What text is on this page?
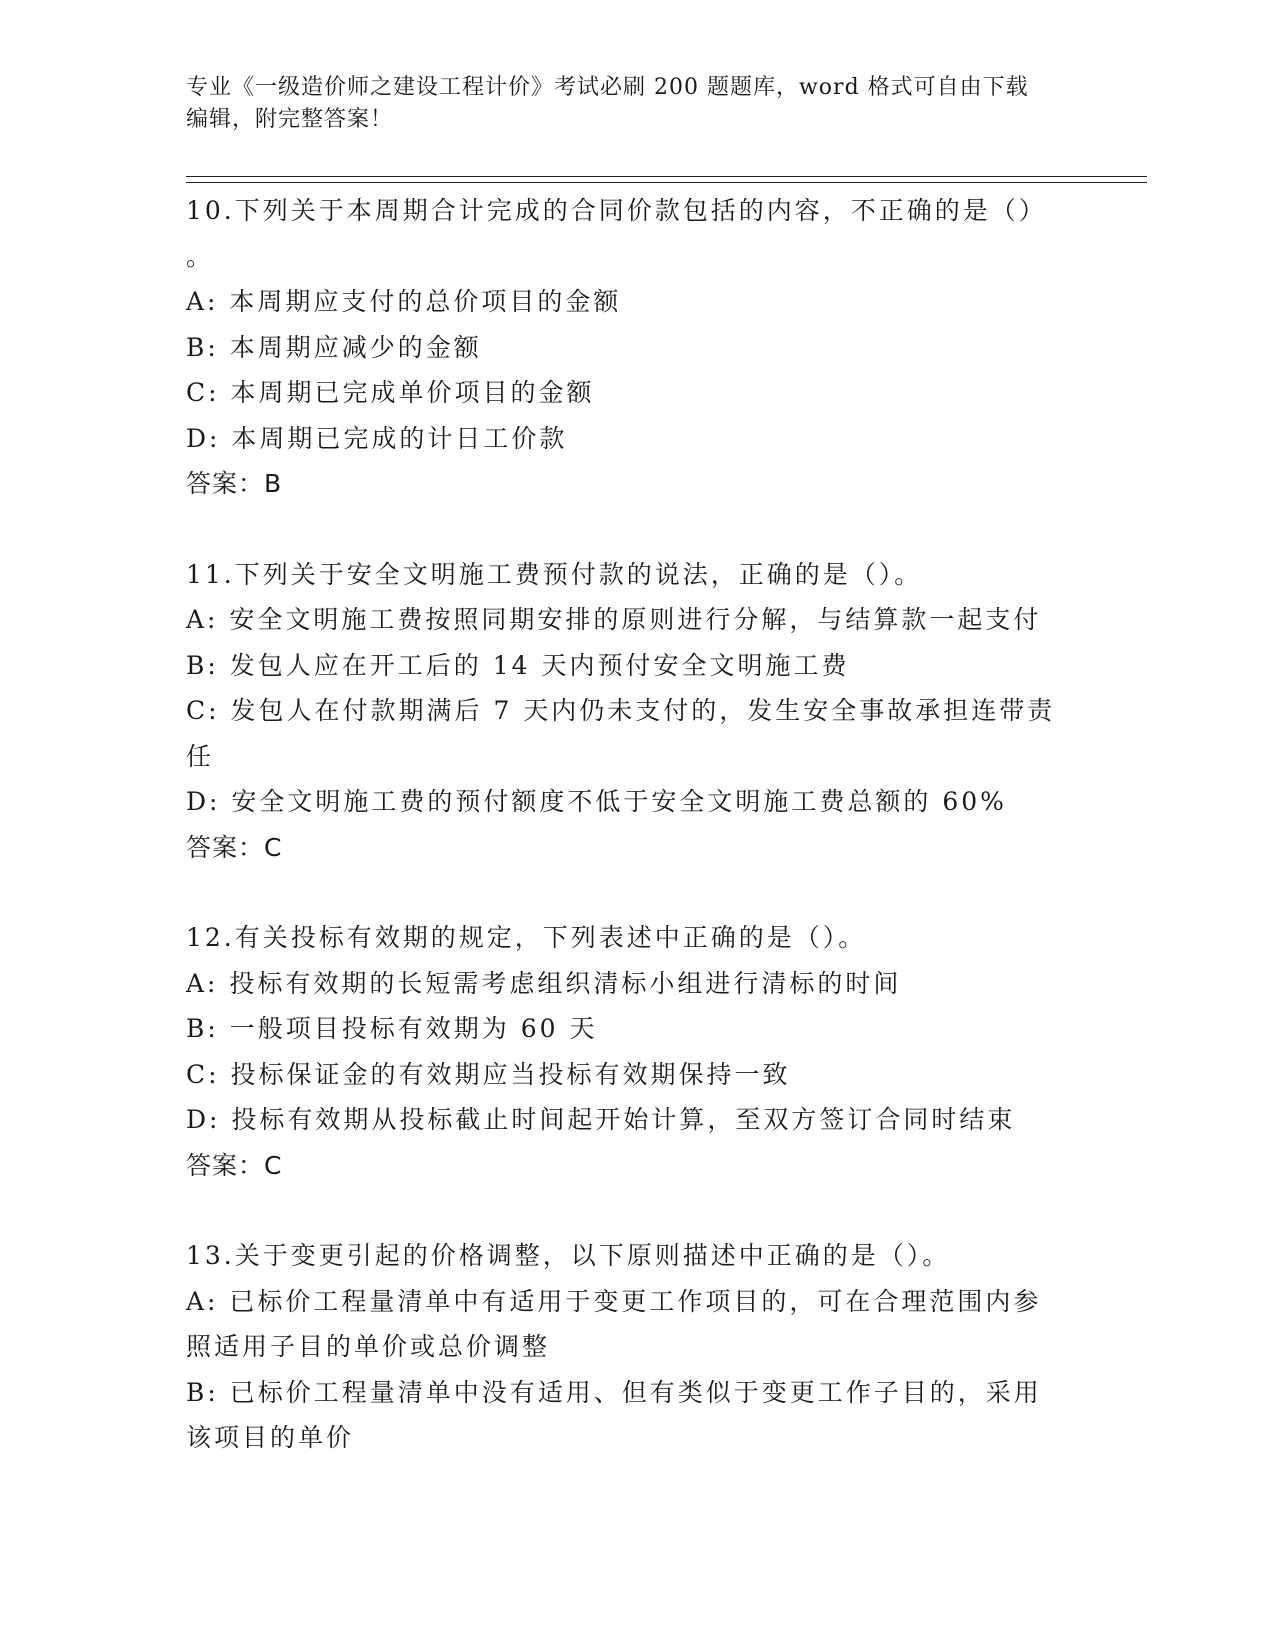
专业《一级造价师之建设工程计价》考试必刷 200 题题库，word 格式可自由下载
编辑，附完整答案！
10.下列关于本周期合计完成的合同价款包括的内容，不正确的是（）
。
A: 本周期应支付的总价项目的金额
B: 本周期应减少的金额
C: 本周期已完成单价项目的金额
D: 本周期已完成的计日工价款
答案：B
11.下列关于安全文明施工费预付款的说法，正确的是（）。
A: 安全文明施工费按照同期安排的原则进行分解，与结算款一起支付
B: 发包人应在开工后的 14 天内预付安全文明施工费
C: 发包人在付款期满后 7 天内仍未支付的，发生安全事故承担连带责
任
D: 安全文明施工费的预付额度不低于安全文明施工费总额的 60%
答案：C
12.有关投标有效期的规定，下列表述中正确的是（）。
A: 投标有效期的长短需考虑组织清标小组进行清标的时间
B: 一般项目投标有效期为 60 天
C: 投标保证金的有效期应当投标有效期保持一致
D: 投标有效期从投标截止时间起开始计算，至双方签订合同时结束
答案：C
13.关于变更引起的价格调整，以下原则描述中正确的是（）。
A: 已标价工程量清单中有适用于变更工作项目的，可在合理范围内参
照适用子目的单价或总价调整
B: 已标价工程量清单中没有适用、但有类似于变更工作子目的，采用
该项目的单价
